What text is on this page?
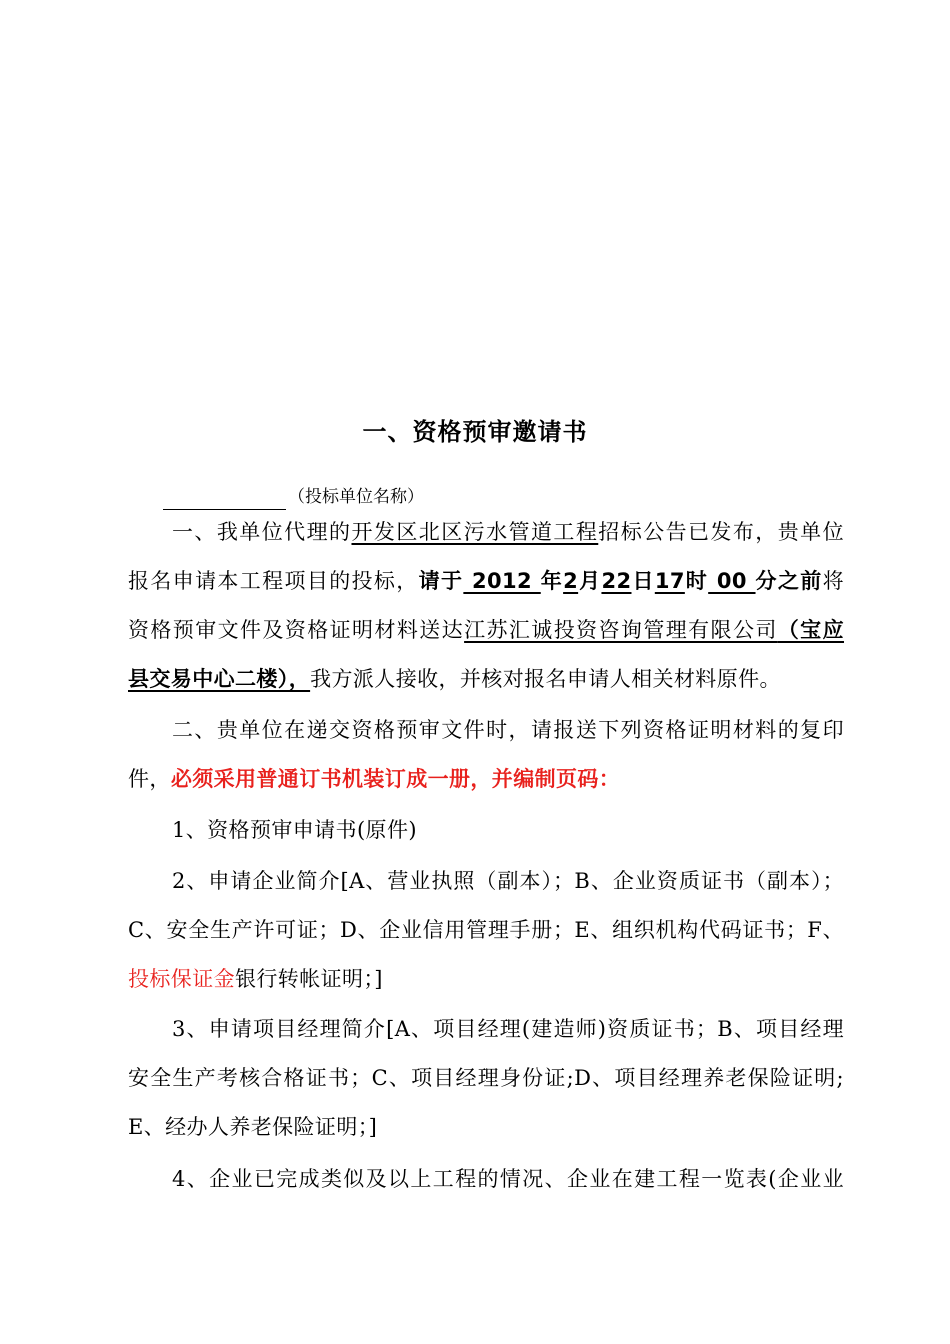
一、资格预审邀请书
（投标单位名称）
一、我单位代理的开发区北区污水管道工程招标公告已发布，贵单位
报名申请本工程项目的投标，请于 2012 年2月22日17时 00 分之前将
资格预审文件及资格证明材料送达江苏汇诚投资咨询管理有限公司（宝应
县交易中心二楼），我方派人接收，并核对报名申请人相关材料原件。
二、贵单位在递交资格预审文件时，请报送下列资格证明材料的复印
件，必须采用普通订书机装订成一册，并编制页码：
1、资格预审申请书(原件)
2、申请企业简介[A、营业执照（副本）；B、企业资质证书（副本）；
C、安全生产许可证；D、企业信用管理手册；E、组织机构代码证书；F、
投标保证金银行转帐证明；]
3、申请项目经理简介[A、项目经理(建造师)资质证书；B、项目经理
安全生产考核合格证书；C、项目经理身份证;D、项目经理养老保险证明;
E、经办人养老保险证明；]
4、企业已完成类似及以上工程的情况、企业在建工程一览表(企业业
